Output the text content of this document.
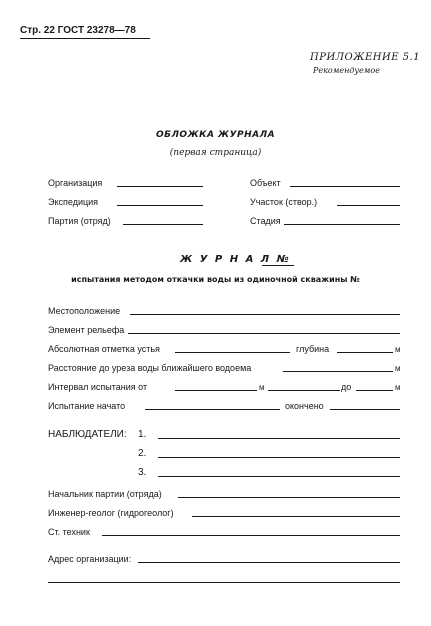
Стр. 22 ГОСТ 23278—78
ПРИЛОЖЕНИЕ 5.1
Рекомендуемое
ОБЛОЖКА ЖУРНАЛА
(первая страница)
Организация	Объект
Экспедиция	Участок (створ.)
Партия (отряд)	Стадия
Ж У Р Н А Л №
испытания методом откачки воды из одиночной скважины №
Местоположение
Элемент рельефа
Абсолютная отметка устья	глубина	м
Расстояние до уреза воды ближайшего водоема	м
Интервал испытания от	м	до	м
Испытание начато	окончено
НАБЛЮДАТЕЛИ: 1.
2.
3.
Начальник партии (отряда)
Инженер-геолог (гидрогеолог)
Ст. техник
Адрес организации:
